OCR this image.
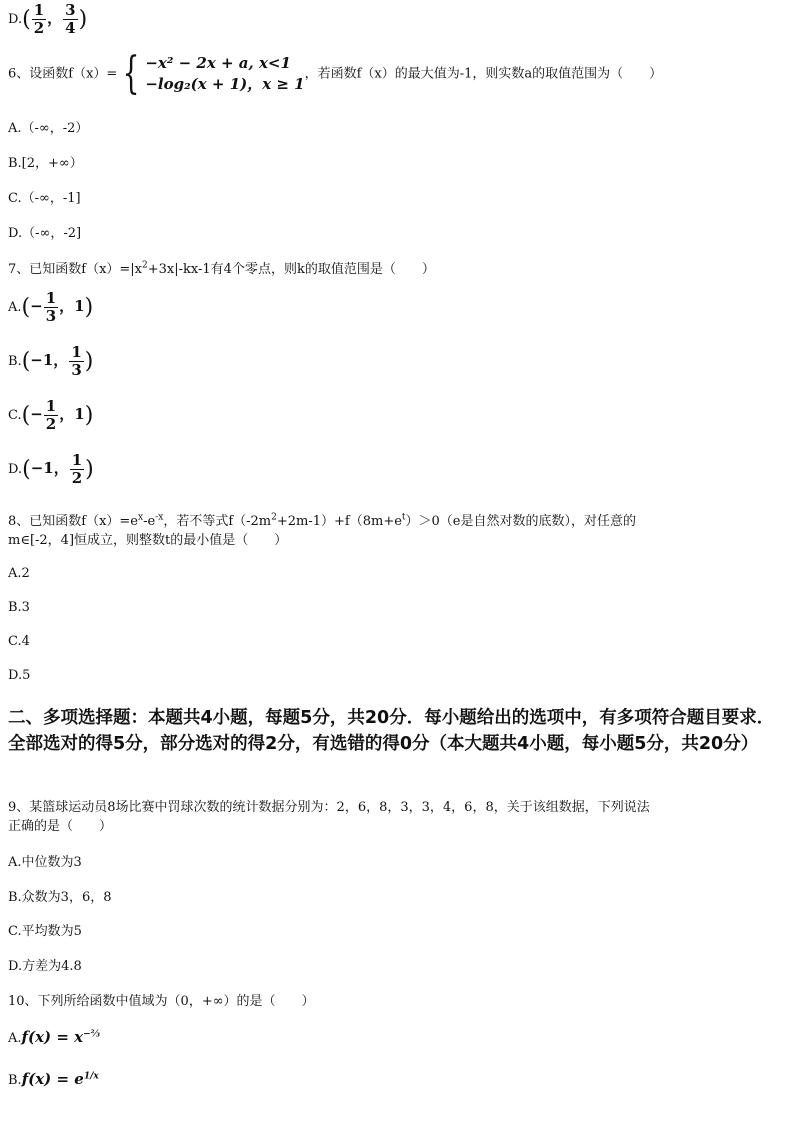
$D.( \frac{1}{2}$ ， $\frac{3}{4}$ )
6、设函数f（x）= { −x² − 2x + a, x<1
−log₂(x + 1)，x ≥ 1
，若函数f（x）的最大值为-1，则实数a的取值范围为（　　）
A.（-∞，-2）
B.[2，+∞）
C.（-∞，-1]
D.（-∞，-2]
7、已知函数$f(x)=|x^2+3x|-kx-1$有4个零点，则k的取值范围是（　　）
$A.(- \frac{1}{3}$ ，1)
B.(−1， $\frac{1}{3}$ )
$C.(- \frac{1}{2}$ ，1)
D.(−1， $\frac{1}{2}$ )
8、已知函数$f(x)=e^x-e^{-x}$，若不等式$f(-2m^2+2m-1)+f(8m+e^t)>0(e$是自然对数的底数），对任意的
m∈[-2，4]恒成立，则整数t的最小值是（　　）
A.2
B.3
C.4
D.5
二、多项选择题：本题共4小题，每题5分，共20分．每小题给出的选项中，有多项符合题目要求．全部选对的得5分，部分选对的得2分，有选错的得0分（本大题共4小题，每小题5分，共20分）
9、某篮球运动员8场比赛中罚球次数的统计数据分别为：2，6，8，3，3，4，6，8，关于该组数据，下列说法
正确的是（　　）
A.中位数为3
B.众数为3，6，8
C.平均数为5
D.方差为4.8
10、下列所给函数中值域为（0，+∞）的是（　　）
$A.f(x) = x^{-\frac{2}{3}}$
$B.f(x) = e^{1/x}$
